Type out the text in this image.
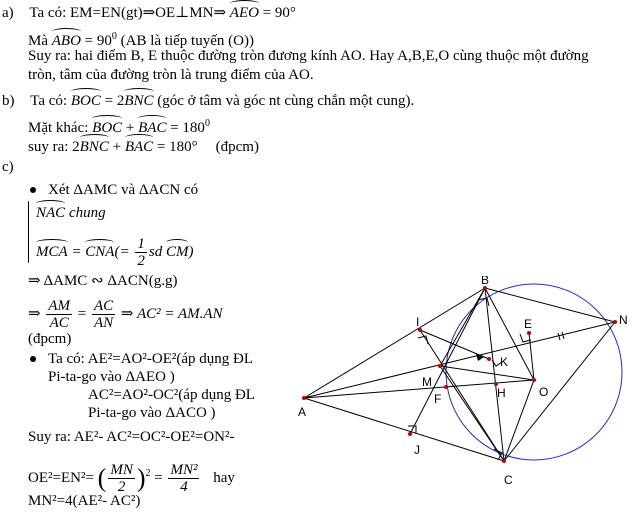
a) Ta có: EM=EN(gt)⇒OE⊥MN⇒ AEO = 90°
Mà ABO = $90^0$ (AB là tiếp tuyến (O))
Suy ra: hai điểm B, E thuộc đường tròn đương kính AO. Hay A,B,E,O cùng thuộc một đường
tròn, tâm của đường tròn là trung điểm của AO.
b) Ta có: BOC = 2BNC (góc ở tâm và góc nt cùng chắn một cung).
Mặt khác: BOC + BAC = $180^0$
suy ra: 2BNC + BAC = 180° (đpcm)
c)
Xét ΔAMC và ΔACN có
NAC chung
MCA = $CNA(= \frac{1}{2}$ sd CM)
⇒ ΔAMC ∾ ΔACN(g.g)
⇒ $\frac{AM}{AC} = \frac{AC}{AN}$ ⇒ AC² = AM.AN
(đpcm)
Ta có: AE²=AO²-OE²(áp dụng ĐL
Pi-ta-go vào ΔAEO )
AC²=AO²-OC²(áp dụng ĐL
Pi-ta-go vào ΔACO )
Suy ra: AE²- AC²=OC²-OE²=ON²-
OE²=EN²= ( $\frac{MN}{2} )^2 = \frac{\text{MN²}}{4}$ hay
MN²=4(AE²- AC²)
A
B
C
N
O
E
M
K
H
F
I
J
